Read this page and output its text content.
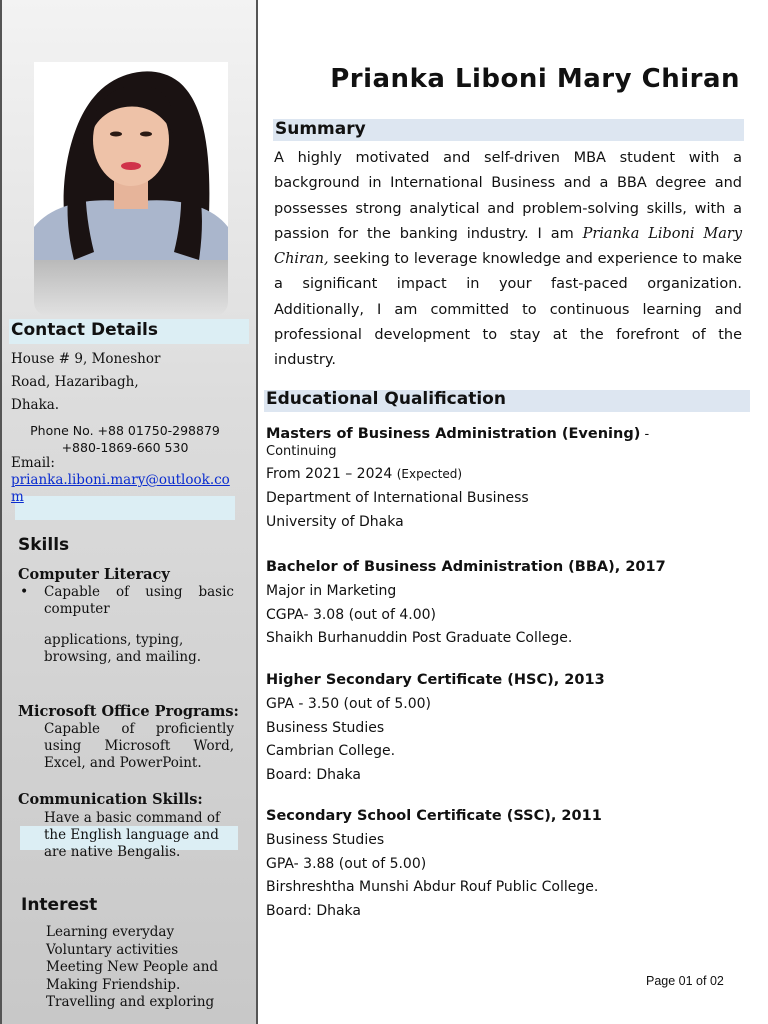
Contact Details
House # 9, Moneshor
Road, Hazaribagh,
Dhaka.
Phone No. +88 01750-298879 +880-1869-660 530
Email:
prianka.liboni.mary@outlook.com
Skills
Computer Literacy
•	Capable of using basic computer
applications, typing, browsing, and mailing.
Microsoft Office Programs:
Capable of proficiently using Microsoft Word, Excel, and PowerPoint.
Communication Skills:
Have a basic command of the English language and are native Bengalis.
Interest
Learning everyday
Voluntary activities
Meeting New People and Making Friendship.
Travelling and exploring
Prianka Liboni Mary Chiran
Summary
A highly motivated and self-driven MBA student with a background in International Business and a BBA degree and possesses strong analytical and problem-solving skills, with a passion for the banking industry. I am Prianka Liboni Mary Chiran, seeking to leverage knowledge and experience to make a significant impact in your fast-paced organization. Additionally, I am committed to continuous learning and professional development to stay at the forefront of the industry.
Educational Qualification
Masters of Business Administration (Evening) - Continuing
From 2021 – 2024 (Expected)
Department of International Business
University of Dhaka
Bachelor of Business Administration (BBA), 2017
Major in Marketing
CGPA- 3.08 (out of 4.00)
Shaikh Burhanuddin Post Graduate College.
Higher Secondary Certificate (HSC), 2013
GPA - 3.50 (out of 5.00)
Business Studies
Cambrian College.
Board: Dhaka
Secondary School Certificate (SSC), 2011
Business Studies
GPA- 3.88 (out of 5.00)
Birshreshtha Munshi Abdur Rouf Public College.
Board: Dhaka
Page 01 of 02
